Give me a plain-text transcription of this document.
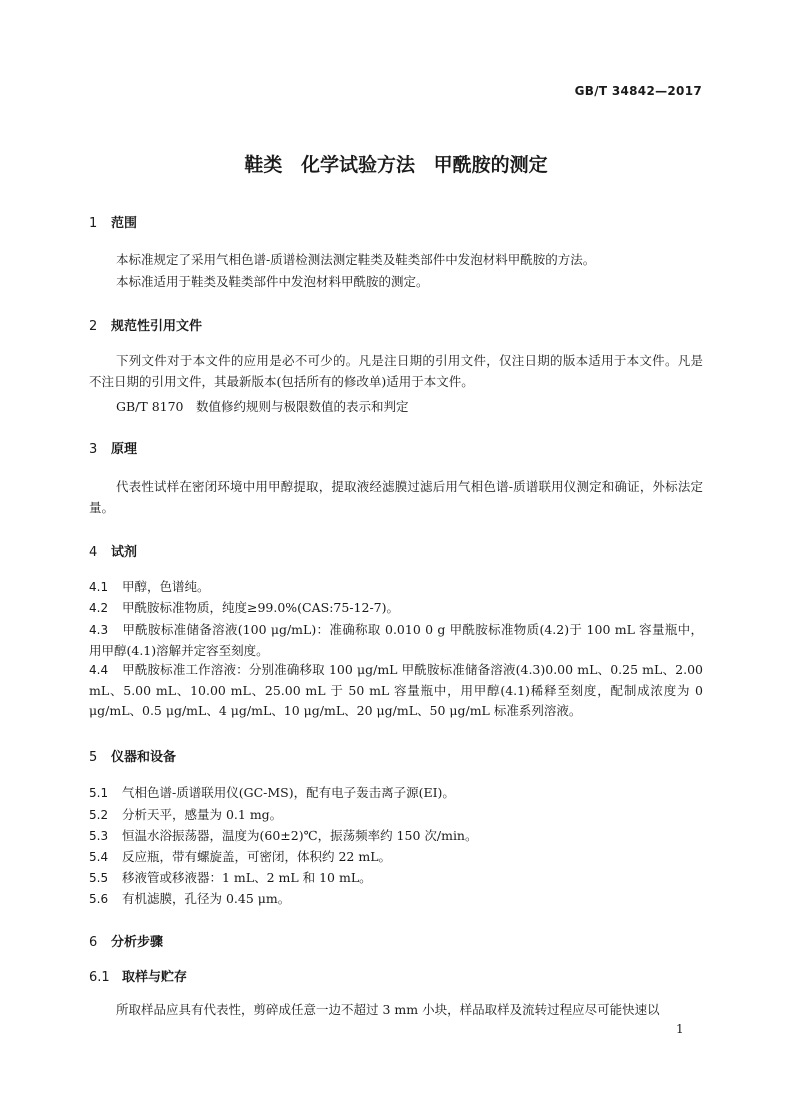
GB/T 34842—2017
鞋类 化学试验方法 甲酰胺的测定
1 范围
本标准规定了采用气相色谱-质谱检测法测定鞋类及鞋类部件中发泡材料甲酰胺的方法。
本标准适用于鞋类及鞋类部件中发泡材料甲酰胺的测定。
2 规范性引用文件
下列文件对于本文件的应用是必不可少的。凡是注日期的引用文件，仅注日期的版本适用于本文件。凡是不注日期的引用文件，其最新版本(包括所有的修改单)适用于本文件。
GB/T 8170　数值修约规则与极限数值的表示和判定
3 原理
代表性试样在密闭环境中用甲醇提取，提取液经滤膜过滤后用气相色谱-质谱联用仪测定和确证，外标法定量。
4 试剂
4.1 甲醇，色谱纯。
4.2 甲酰胺标准物质，纯度≥99.0%(CAS:75-12-7)。
4.3 甲酰胺标准储备溶液(100 μg/mL)：准确称取 0.010 0 g 甲酰胺标准物质(4.2)于 100 mL 容量瓶中，用甲醇(4.1)溶解并定容至刻度。
4.4 甲酰胺标准工作溶液：分别准确移取 100 μg/mL 甲酰胺标准储备溶液(4.3)0.00 mL、0.25 mL、2.00 mL、5.00 mL、10.00 mL、25.00 mL 于 50 mL 容量瓶中，用甲醇(4.1)稀释至刻度，配制成浓度为 0 μg/mL、0.5 μg/mL、4 μg/mL、10 μg/mL、20 μg/mL、50 μg/mL 标准系列溶液。
5 仪器和设备
5.1 气相色谱-质谱联用仪(GC-MS)，配有电子轰击离子源(EI)。
5.2 分析天平，感量为 0.1 mg。
5.3 恒温水浴振荡器，温度为(60±2)℃，振荡频率约 150 次/min。
5.4 反应瓶，带有螺旋盖，可密闭，体积约 22 mL。
5.5 移液管或移液器：1 mL、2 mL 和 10 mL。
5.6 有机滤膜，孔径为 0.45 μm。
6 分析步骤
6.1 取样与贮存
所取样品应具有代表性，剪碎成任意一边不超过 3 mm 小块，样品取样及流转过程应尽可能快速以
1
